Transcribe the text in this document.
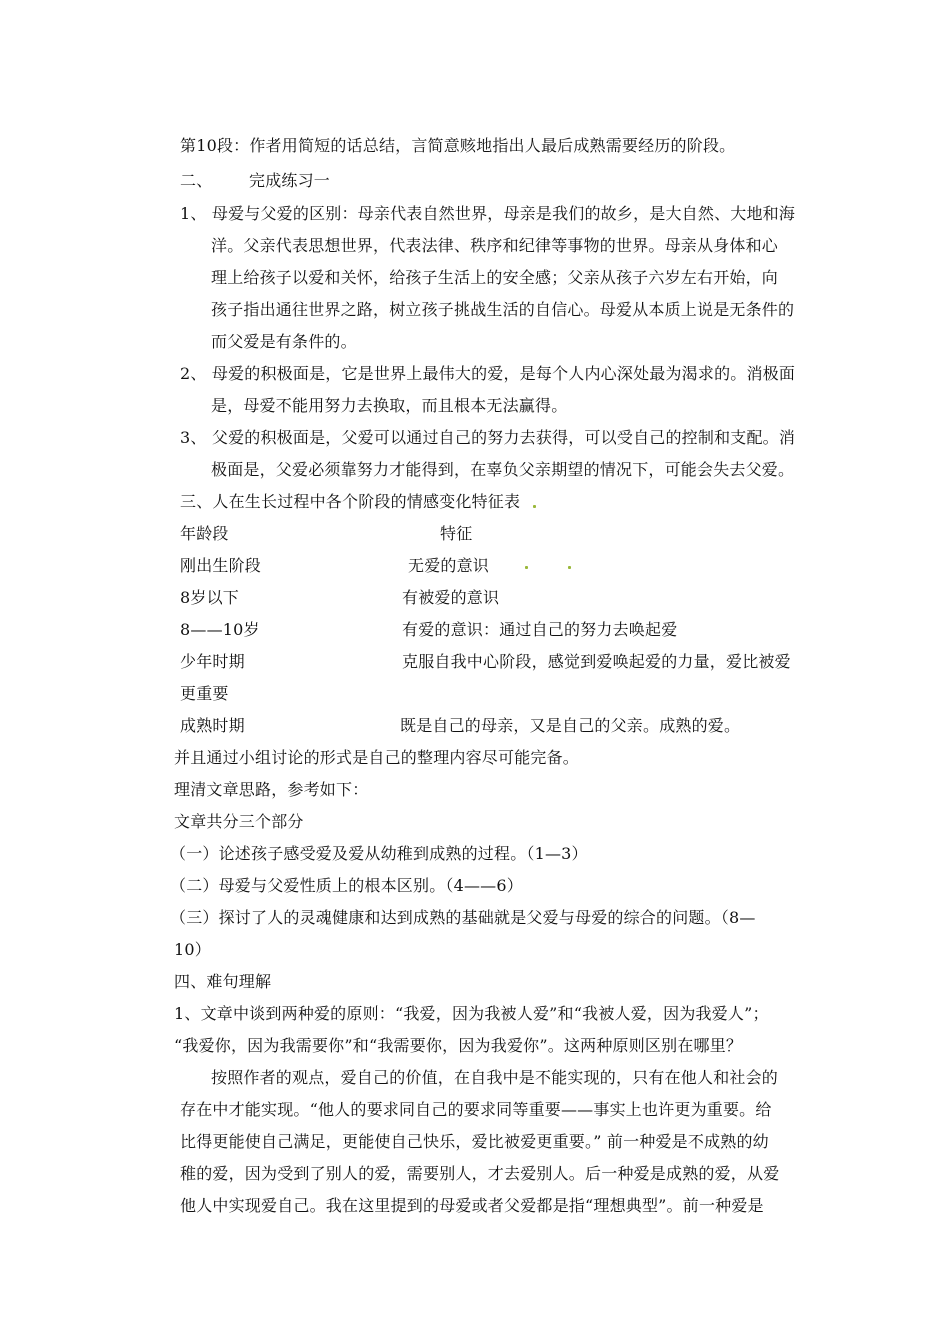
第10段：作者用简短的话总结，言简意赅地指出人最后成熟需要经历的阶段。
二、 完成练习一
1、 母爱与父爱的区别：母亲代表自然世界，母亲是我们的故乡，是大自然、大地和海
洋。父亲代表思想世界，代表法律、秩序和纪律等事物的世界。母亲从身体和心
理上给孩子以爱和关怀，给孩子生活上的安全感；父亲从孩子六岁左右开始，向
孩子指出通往世界之路，树立孩子挑战生活的自信心。母爱从本质上说是无条件的
而父爱是有条件的。
2、 母爱的积极面是，它是世界上最伟大的爱，是每个人内心深处最为渴求的。消极面
是，母爱不能用努力去换取，而且根本无法赢得。
3、 父爱的积极面是，父爱可以通过自己的努力去获得，可以受自己的控制和支配。消
极面是，父爱必须靠努力才能得到，在辜负父亲期望的情况下，可能会失去父爱。
三、人在生长过程中各个阶段的情感变化特征表
年龄段	特征
刚出生阶段	无爱的意识
8岁以下	有被爱的意识
8——10岁	有爱的意识：通过自己的努力去唤起爱
少年时期	克服自我中心阶段，感觉到爱唤起爱的力量，爱比被爱
更重要
成熟时期	既是自己的母亲，又是自己的父亲。成熟的爱。
并且通过小组讨论的形式是自己的整理内容尽可能完备。
理清文章思路，参考如下：
文章共分三个部分
（一）论述孩子感受爱及爱从幼稚到成熟的过程。（1—3）
（二）母爱与父爱性质上的根本区别。（4——6）
（三）探讨了人的灵魂健康和达到成熟的基础就是父爱与母爱的综合的问题。（8—
10）
四、难句理解
1、文章中谈到两种爱的原则：“我爱，因为我被人爱”和“我被人爱，因为我爱人”；
“我爱你，因为我需要你”和“我需要你，因为我爱你”。这两种原则区别在哪里？
按照作者的观点，爱自己的价值，在自我中是不能实现的，只有在他人和社会的
存在中才能实现。“他人的要求同自己的要求同等重要——事实上也许更为重要。给
比得更能使自己满足，更能使自己快乐，爱比被爱更重要。” 前一种爱是不成熟的幼
稚的爱，因为受到了别人的爱，需要别人，才去爱别人。后一种爱是成熟的爱，从爱
他人中实现爱自己。我在这里提到的母爱或者父爱都是指“理想典型”。前一种爱是
